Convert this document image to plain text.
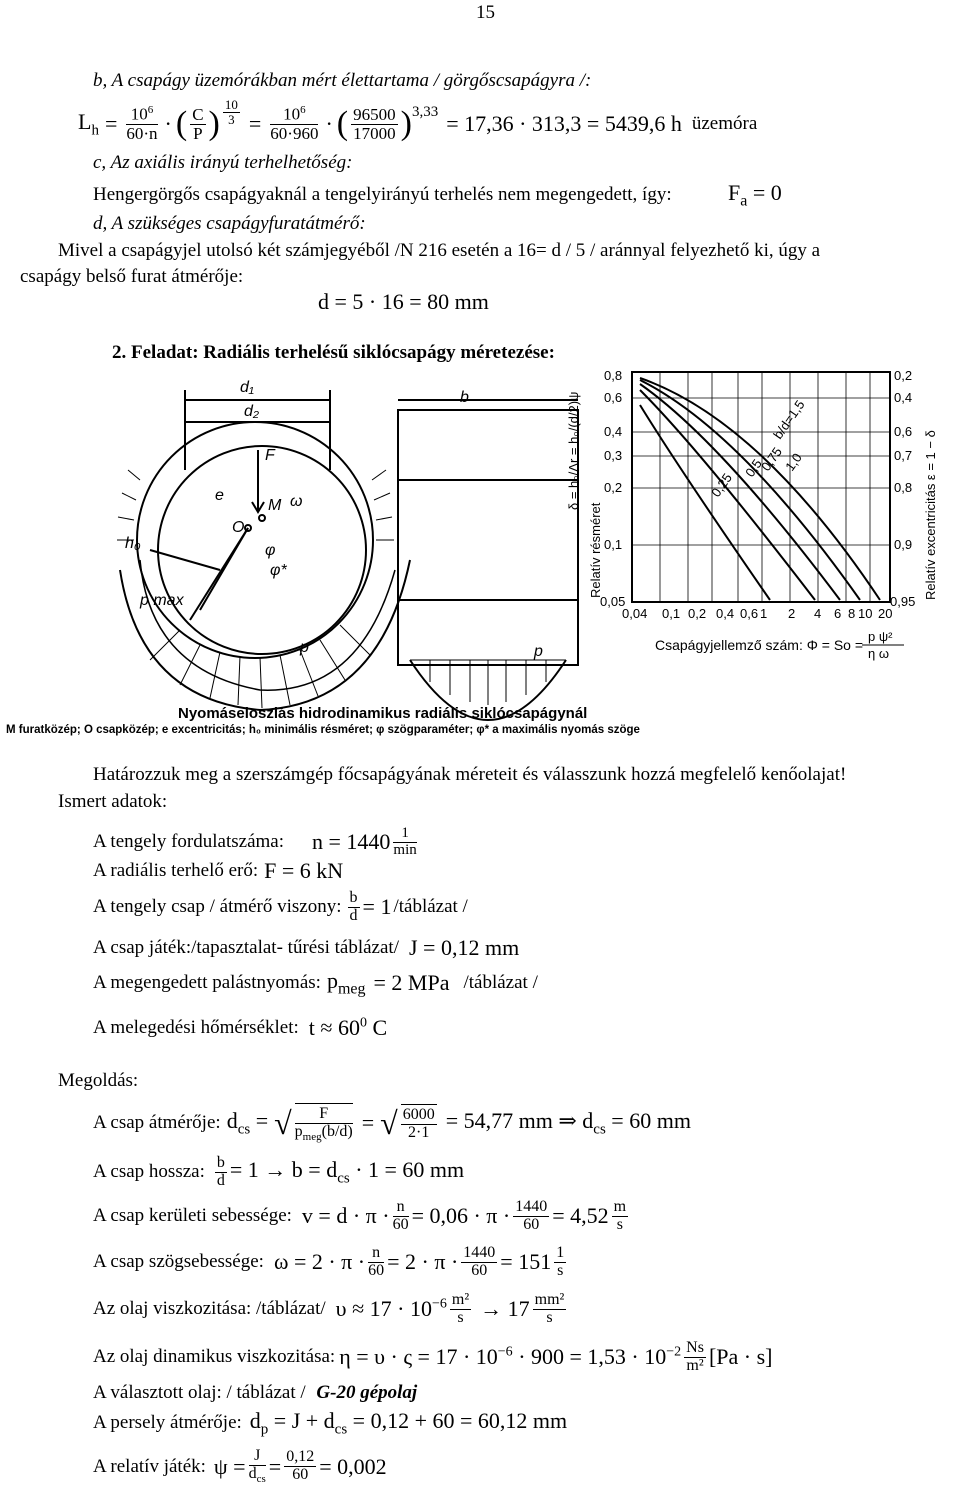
15
b, A csapágy üzemórákban mért élettartama / görgőscsapágyra /:
$L_h = \frac{10^6}{60\cdot n}$ · ( $\frac{C}{P}$ ) $\frac{10}{3} = \frac{10^6}{60\cdot 960}$ · ( $\frac{96500}{17000} )^{3,33} = 17,36 \cdot 313,3 = 5439,6$ h üzemóra
c, Az axiális irányú terhelhetőség:
Hengergörgős csapágyaknál a tengelyirányú terhelés nem megengedett, így:	$F_a = 0$
d, A szükséges csapágyfuratátmérő:
Mivel a csapágyjel utolsó két számjegyéből /N 216 esetén a 16= d / 5 / aránnyal felyezhető ki, úgy a
csapágy belső furat átmérője:
d = 5 · 16 = 80 mm
2. Feladat: Radiális terhelésű siklócsapágy méretezése:
d₁
d₂
F
e
M ω
O
φ
φ*
h₀
p max
p
b
p
0,8
0,6
0,4
0,3
0,2
0,1
0,05
0,2
0,4
0,6
0,7
0,8
0,9
0,95
0,04 0,1 0,2 0,4 0,6 1 2 4 6 8 10 20
b/d=1,5
1,0
0,75
0,5
0,25
Relatív résméret	Relatív excentricitás ε = 1 − δ
δ = h₀/Δr = h₀/(d/2)ψ
Csapágyjellemző szám: Φ = So =
p ψ²
η ω
Nyomáseloszlás hidrodinamikus radiális siklócsapágynál
M furatközép; O csapközép; e excentricitás; h₀ minimális résméret; φ szögparaméter; φ* a maximális nyomás szöge
Határozzuk meg a szerszámgép főcsapágyának méreteit és válasszunk hozzá megfelelő kenőolajat!
Ismert adatok:
A tengely fordulatszáma: $n = 1440 \frac{1}{\min}$
A radiális terhelő erő: F = 6 kN
A tengely csap / átmérő viszony: $\frac{b}{d} = 1$ /táblázat /
A csap játék:/tapasztalat- tűrési táblázat/ J = 0,12 mm
A megengedett palástnyomás: $p_{meg} = 2$ MPa /táblázat /
A melegedési hőmérséklet: $t \approx 60^0$ C
Megoldás:
A csap átmérője: $d_{cs}$ = √ $\frac{F}{p_{meg}(b/d)}$ = √ $\frac{6000}{2\cdot 1} = 54,77$ mm ⇒ $d_{cs} = 60$ mm
A csap hossza: $\frac{b}{d} = 1 \to b = d_{cs} \cdot 1 = 60$ mm
A csap kerületi sebessége: $v = d \cdot \pi \cdot \frac{n}{60} = 0,06 \cdot \pi \cdot \frac{1440}{60} = 4,52 \frac{m}{s}$
A csap szögsebessége: $\omega = 2 \cdot \pi \cdot \frac{n}{60} = 2 \cdot \pi \cdot \frac{1440}{60} = 151 \frac{1}{s}$
Az olaj viszkozitása: /táblázat/ $\upsilon \approx 17 \cdot 10^{-6} \frac{\text{m²}}{s} \to 17 \frac{\text{mm²}}{s}$
Az olaj dinamikus viszkozitása: $\eta = \upsilon \cdot \varsigma = 17 \cdot 10^{-6} \cdot 900 = 1,53 \cdot 10^{-2} \frac{Ns}{\text{m²}} [Pa \cdot s]$
A választott olaj: / táblázat / G-20 gépolaj
A persely átmérője: $d_p = J + d_{cs} = 0,12 + 60 = 60,12$ mm
A relatív játék: $\psi = \frac{J}{d_{cs}} = \frac{0,12}{60} = 0,002$
